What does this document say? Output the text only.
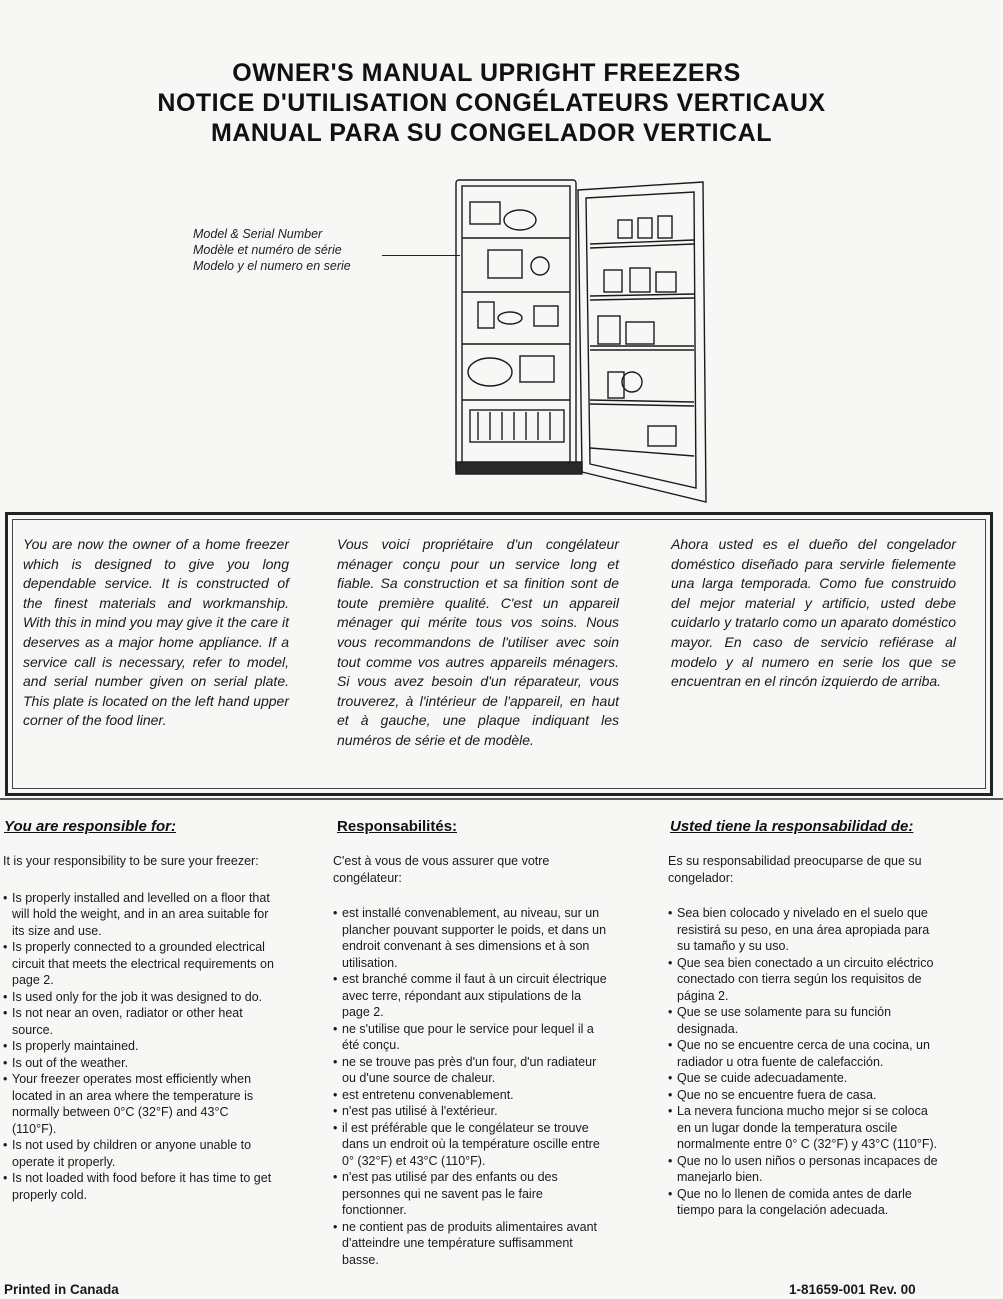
OWNER'S MANUAL UPRIGHT FREEZERS
NOTICE D'UTILISATION CONGÉLATEURS VERTICAUX
MANUAL PARA SU CONGELADOR VERTICAL
Model & Serial Number
Modèle et numéro de série
Modelo y el numero en serie
You are now the owner of a home freezer which is designed to give you long dependable service. It is constructed of the finest materials and workmanship. With this in mind you may give it the care it deserves as a major home appliance. If a service call is necessary, refer to model, and serial number given on serial plate. This plate is located on the left hand upper corner of the food liner.
Vous voici propriétaire d'un congélateur ménager conçu pour un service long et fiable. Sa construction et sa finition sont de toute première qualité. C'est un appareil ménager qui mérite tous vos soins. Nous vous recommandons de l'utiliser avec soin tout comme vos autres appareils ménagers. Si vous avez besoin d'un réparateur, vous trouverez, à l'intérieur de l'appareil, en haut et à gauche, une plaque indiquant les numéros de série et de modèle.
Ahora usted es el dueño del congelador doméstico diseñado para servirle fielemente una larga temporada. Como fue construido del mejor material y artificio, usted debe cuidarlo y tratarlo como un aparato doméstico mayor. En caso de servicio refiérase al modelo y al numero en serie los que se encuentran en el rincón izquierdo de arriba.
You are responsible for:	Responsabilités:	Usted tiene la responsabilidad de:
It is your responsibility to be sure your freezer:
• Is properly installed and levelled on a floor that will hold the weight, and in an area suitable for its size and use.
• Is properly connected to a grounded electrical circuit that meets the electrical requirements on page 2.
• Is used only for the job it was designed to do.
• Is not near an oven, radiator or other heat source.
• Is properly maintained.
• Is out of the weather.
• Your freezer operates most efficiently when located in an area where the temperature is normally between 0°C (32°F) and 43°C (110°F).
• Is not used by children or anyone unable to operate it properly.
• Is not loaded with food before it has time to get properly cold.
C'est à vous de vous assurer que votre congélateur:
• est installé convenablement, au niveau, sur un plancher pouvant supporter le poids, et dans un endroit convenant à ses dimensions et à son utilisation.
• est branché comme il faut à un circuit électrique avec terre, répondant aux stipulations de la page 2.
• ne s'utilise que pour le service pour lequel il a été conçu.
• ne se trouve pas près d'un four, d'un radiateur ou d'une source de chaleur.
• est entretenu convenablement.
• n'est pas utilisé à l'extérieur.
• il est préférable que le congélateur se trouve dans un endroit où la température oscille entre 0° (32°F) et 43°C (110°F).
• n'est pas utilisé par des enfants ou des personnes qui ne savent pas le faire fonctionner.
• ne contient pas de produits alimentaires avant d'atteindre une température suffisamment basse.
Es su responsabilidad preocuparse de que su congelador:
• Sea bien colocado y nivelado en el suelo que resistirá su peso, en una área apropiada para su tamaño y su uso.
• Que sea bien conectado a un circuito eléctrico conectado con tierra según los requisitos de página 2.
• Que se use solamente para su función designada.
• Que no se encuentre cerca de una cocina, un radiador u otra fuente de calefacción.
• Que se cuide adecuadamente.
• Que no se encuentre fuera de casa.
• La nevera funciona mucho mejor si se coloca en un lugar donde la temperatura oscile normalmente entre 0° C (32°F) y 43°C (110°F).
• Que no lo usen niños o personas incapaces de manejarlo bien.
• Que no lo llenen de comida antes de darle tiempo para la congelación adecuada.
Printed in Canada	1-81659-001 Rev. 00
